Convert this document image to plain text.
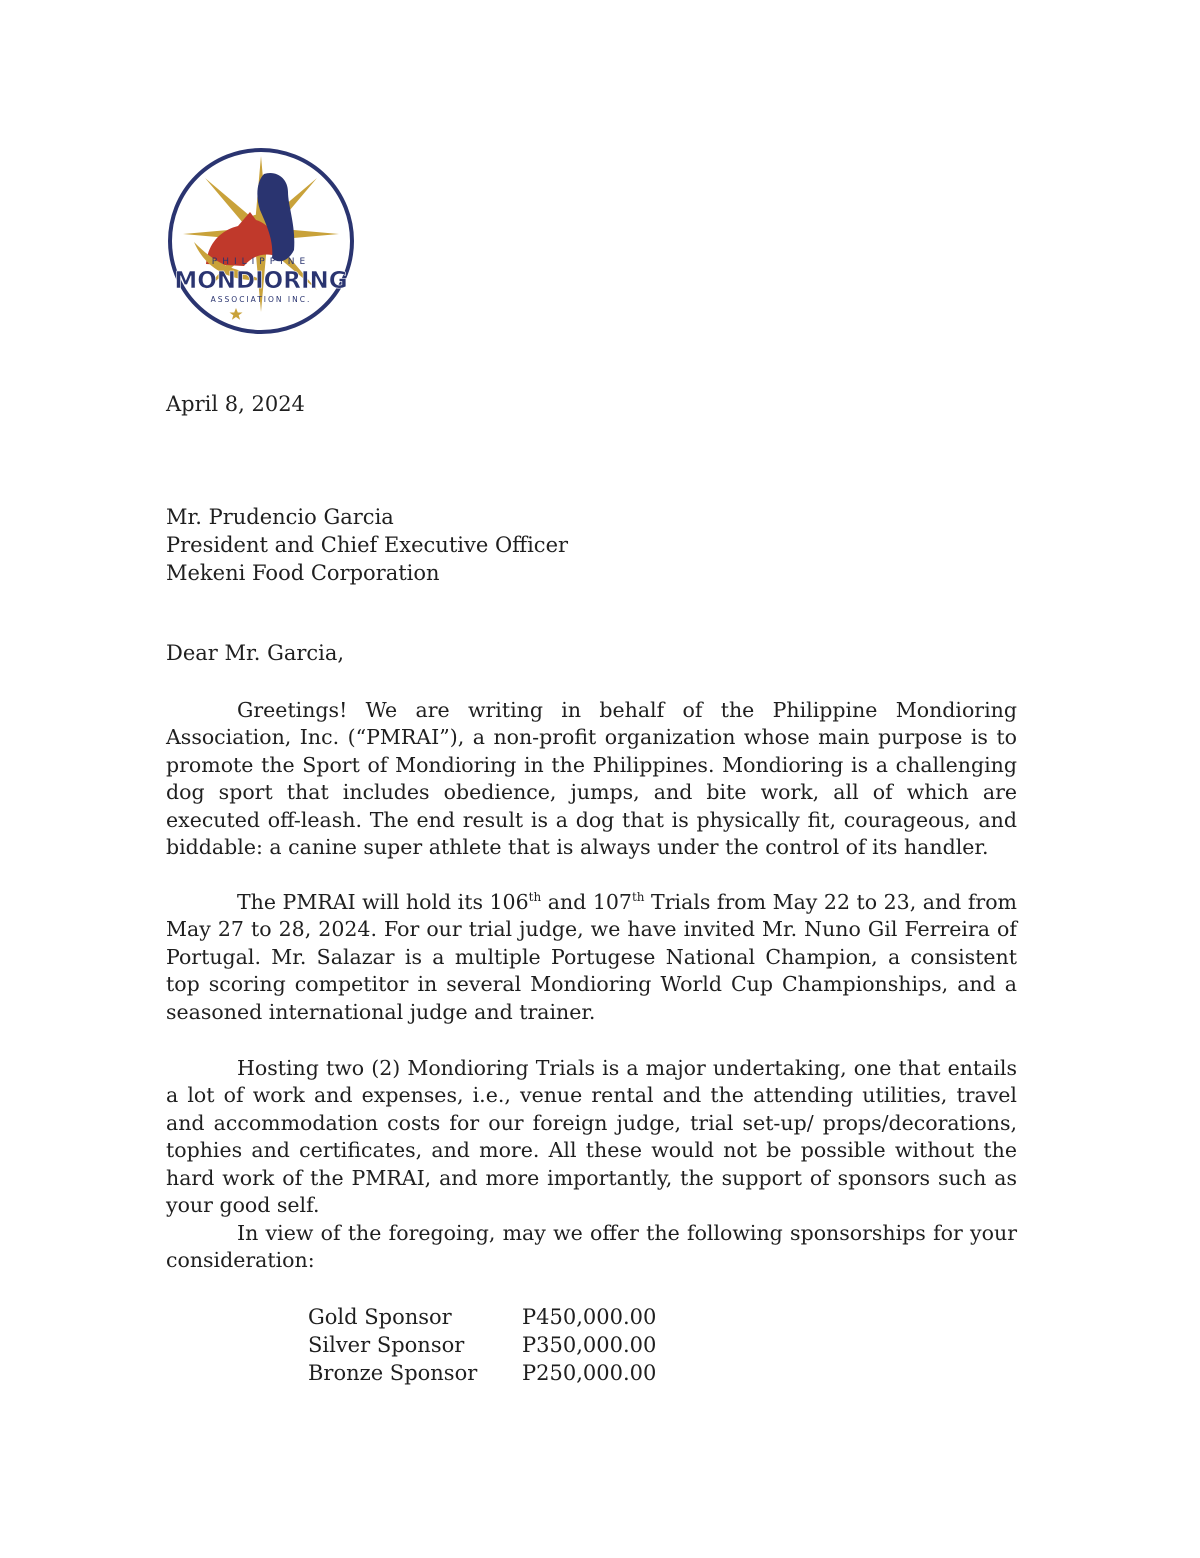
PHILIPPINE
MONDIORING
ASSOCIATION INC.
April 8, 2024
Mr. Prudencio Garcia
President and Chief Executive Officer
Mekeni Food Corporation
Dear Mr. Garcia,

Greetings! We are writing in behalf of the Philippine Mondioring Association, Inc. (“PMRAI”), a non-profit organization whose main purpose is to promote the Sport of Mondioring in the Philippines. Mondioring is a challenging dog sport that includes obedience, jumps, and bite work, all of which are executed off-leash. The end result is a dog that is physically fit, courageous, and biddable: a canine super athlete that is always under the control of its handler.

The PMRAI will hold its 106th and 107th Trials from May 22 to 23, and from May 27 to 28, 2024. For our trial judge, we have invited Mr. Nuno Gil Ferreira of Portugal. Mr. Salazar is a multiple Portugese National Champion, a consistent top scoring competitor in several Mondioring World Cup Championships, and a seasoned international judge and trainer.

Hosting two (2) Mondioring Trials is a major undertaking, one that entails a lot of work and expenses, i.e., venue rental and the attending utilities, travel and accommodation costs for our foreign judge, trial set-up/ props/decorations, tophies and certificates, and more. All these would not be possible without the hard work of the PMRAI, and more importantly, the support of sponsors such as your good self.

In view of the foregoing, may we offer the following sponsorships for your consideration:

Gold Sponsor	P450,000.00
Silver Sponsor	P350,000.00
Bronze Sponsor	P250,000.00
